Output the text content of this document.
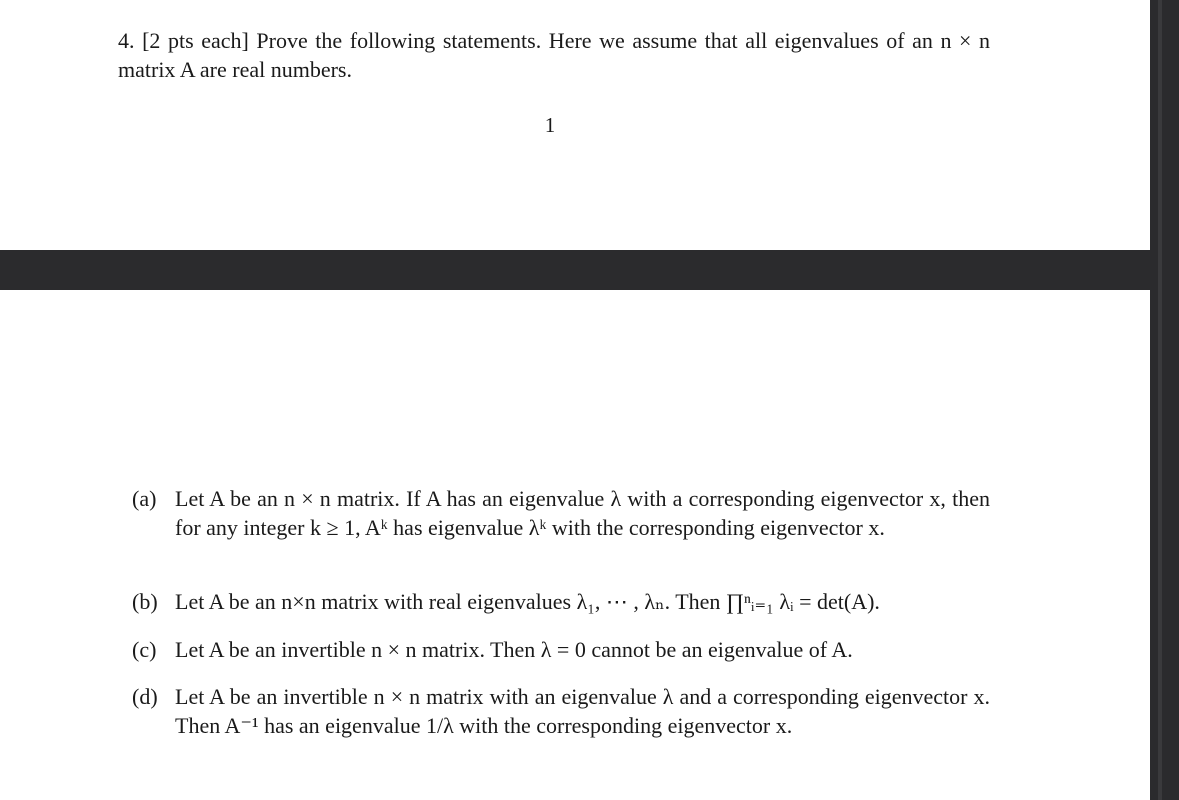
4. [2 pts each] Prove the following statements. Here we assume that all eigenvalues of an n × n matrix A are real numbers.
1
(a) Let A be an n × n matrix. If A has an eigenvalue λ with a corresponding eigenvector x, then for any integer k ≥ 1, Aᵏ has eigenvalue λᵏ with the corresponding eigenvector x.
(b) Let A be an n×n matrix with real eigenvalues λ₁, ⋯ , λₙ. Then ∏ⁿᵢ₌₁ λᵢ = det(A).
(c) Let A be an invertible n × n matrix. Then λ = 0 cannot be an eigenvalue of A.
(d) Let A be an invertible n × n matrix with an eigenvalue λ and a corresponding eigenvector x. Then A⁻¹ has an eigenvalue 1/λ with the corresponding eigenvector x.
